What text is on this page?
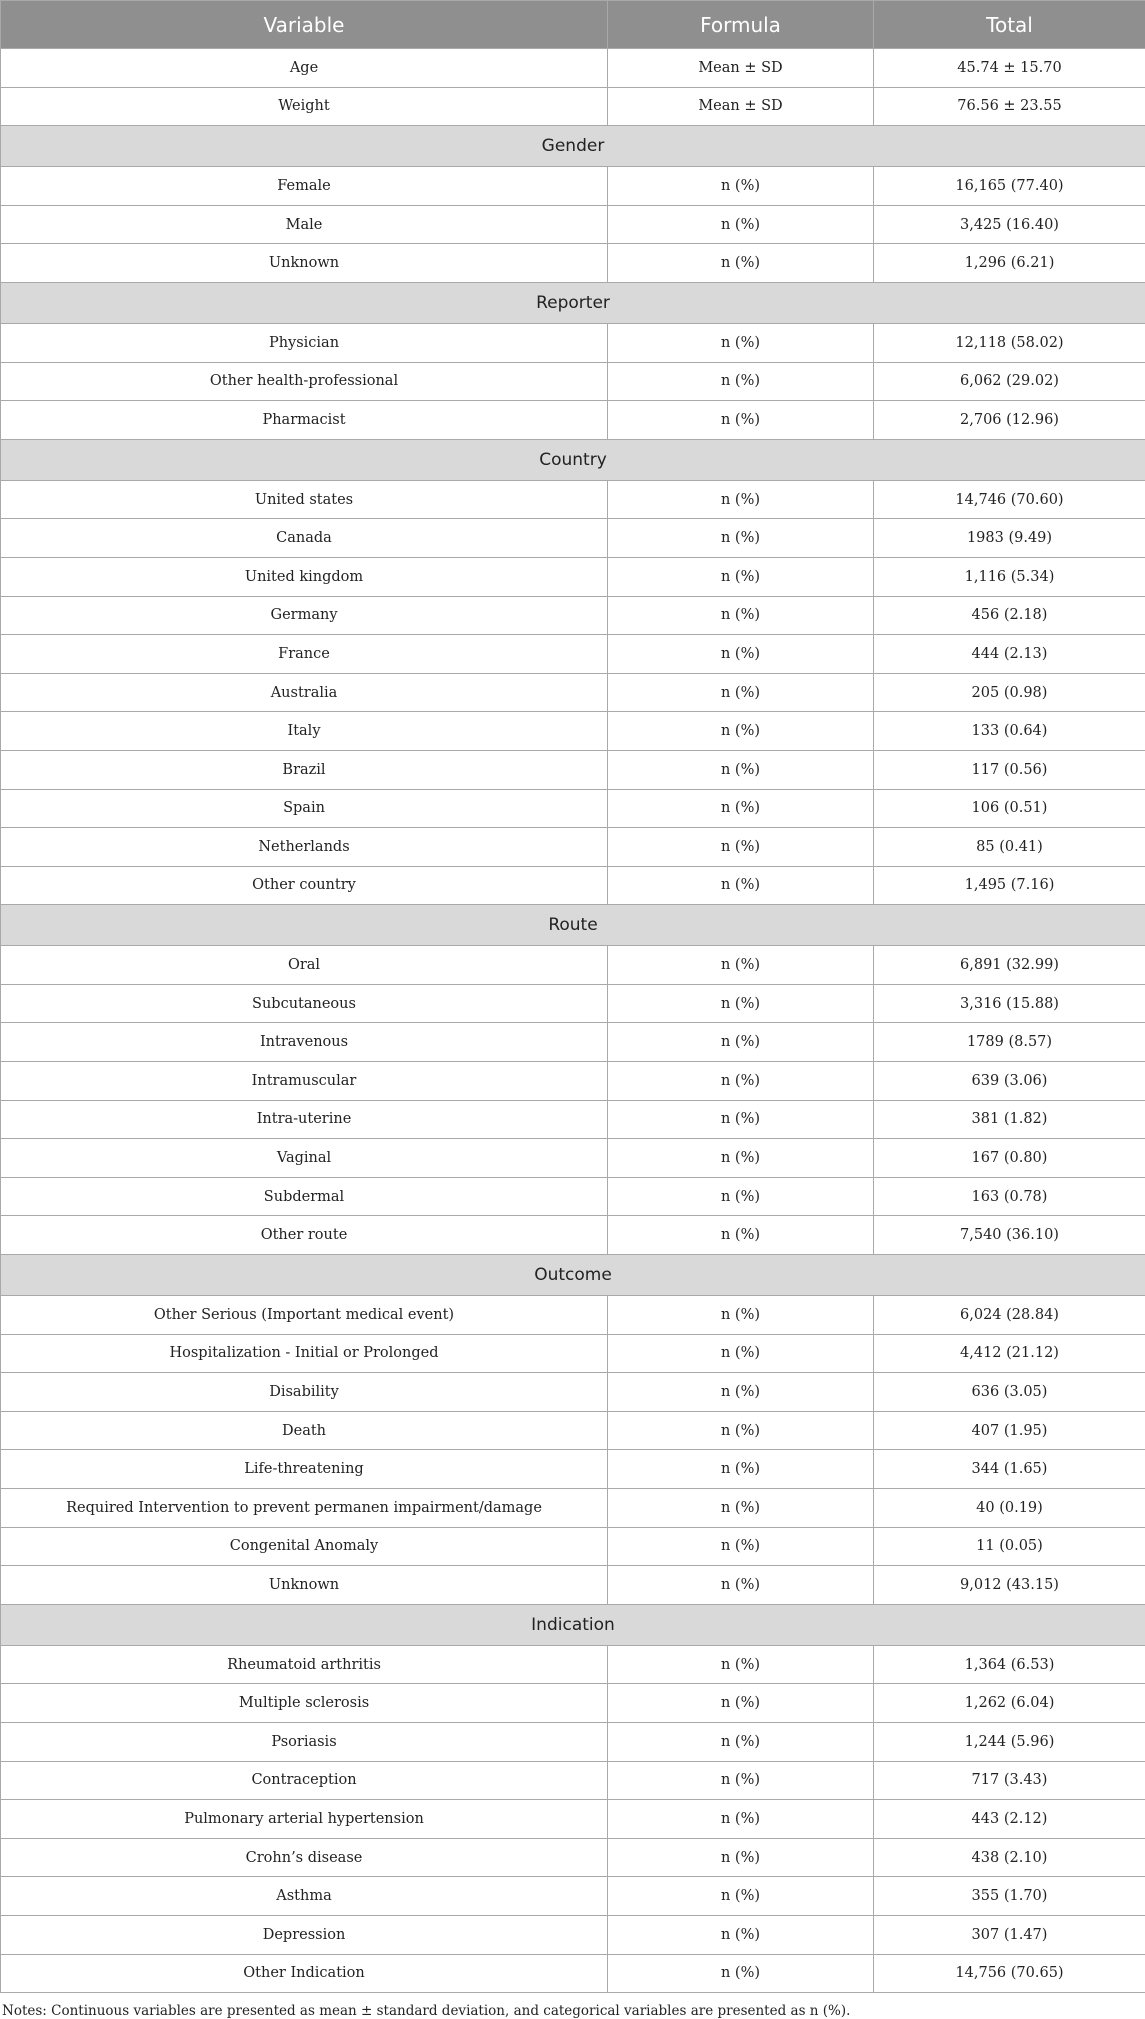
Variable	Formula	Total
Age	Mean ± SD	45.74 ± 15.70
Weight	Mean ± SD	76.56 ± 23.55
Gender		
Female	n (%)	16,165 (77.40)
Male	n (%)	3,425 (16.40)
Unknown	n (%)	1,296 (6.21)
Reporter		
Physician	n (%)	12,118 (58.02)
Other health-professional	n (%)	6,062 (29.02)
Pharmacist	n (%)	2,706 (12.96)
Country		
United states	n (%)	14,746 (70.60)
Canada	n (%)	1983 (9.49)
United kingdom	n (%)	1,116 (5.34)
Germany	n (%)	456 (2.18)
France	n (%)	444 (2.13)
Australia	n (%)	205 (0.98)
Italy	n (%)	133 (0.64)
Brazil	n (%)	117 (0.56)
Spain	n (%)	106 (0.51)
Netherlands	n (%)	85 (0.41)
Other country	n (%)	1,495 (7.16)
Route		
Oral	n (%)	6,891 (32.99)
Subcutaneous	n (%)	3,316 (15.88)
Intravenous	n (%)	1789 (8.57)
Intramuscular	n (%)	639 (3.06)
Intra-uterine	n (%)	381 (1.82)
Vaginal	n (%)	167 (0.80)
Subdermal	n (%)	163 (0.78)
Other route	n (%)	7,540 (36.10)
Outcome		
Other Serious (Important medical event)	n (%)	6,024 (28.84)
Hospitalization - Initial or Prolonged	n (%)	4,412 (21.12)
Disability	n (%)	636 (3.05)
Death	n (%)	407 (1.95)
Life-threatening	n (%)	344 (1.65)
Required Intervention to prevent permanen impairment/damage	n (%)	40 (0.19)
Congenital Anomaly	n (%)	11 (0.05)
Unknown	n (%)	9,012 (43.15)
Indication		
Rheumatoid arthritis	n (%)	1,364 (6.53)
Multiple sclerosis	n (%)	1,262 (6.04)
Psoriasis	n (%)	1,244 (5.96)
Contraception	n (%)	717 (3.43)
Pulmonary arterial hypertension	n (%)	443 (2.12)
Crohn’s disease	n (%)	438 (2.10)
Asthma	n (%)	355 (1.70)
Depression	n (%)	307 (1.47)
Other Indication	n (%)	14,756 (70.65)
Notes: Continuous variables are presented as mean ± standard deviation, and categorical variables are presented as n (%).
